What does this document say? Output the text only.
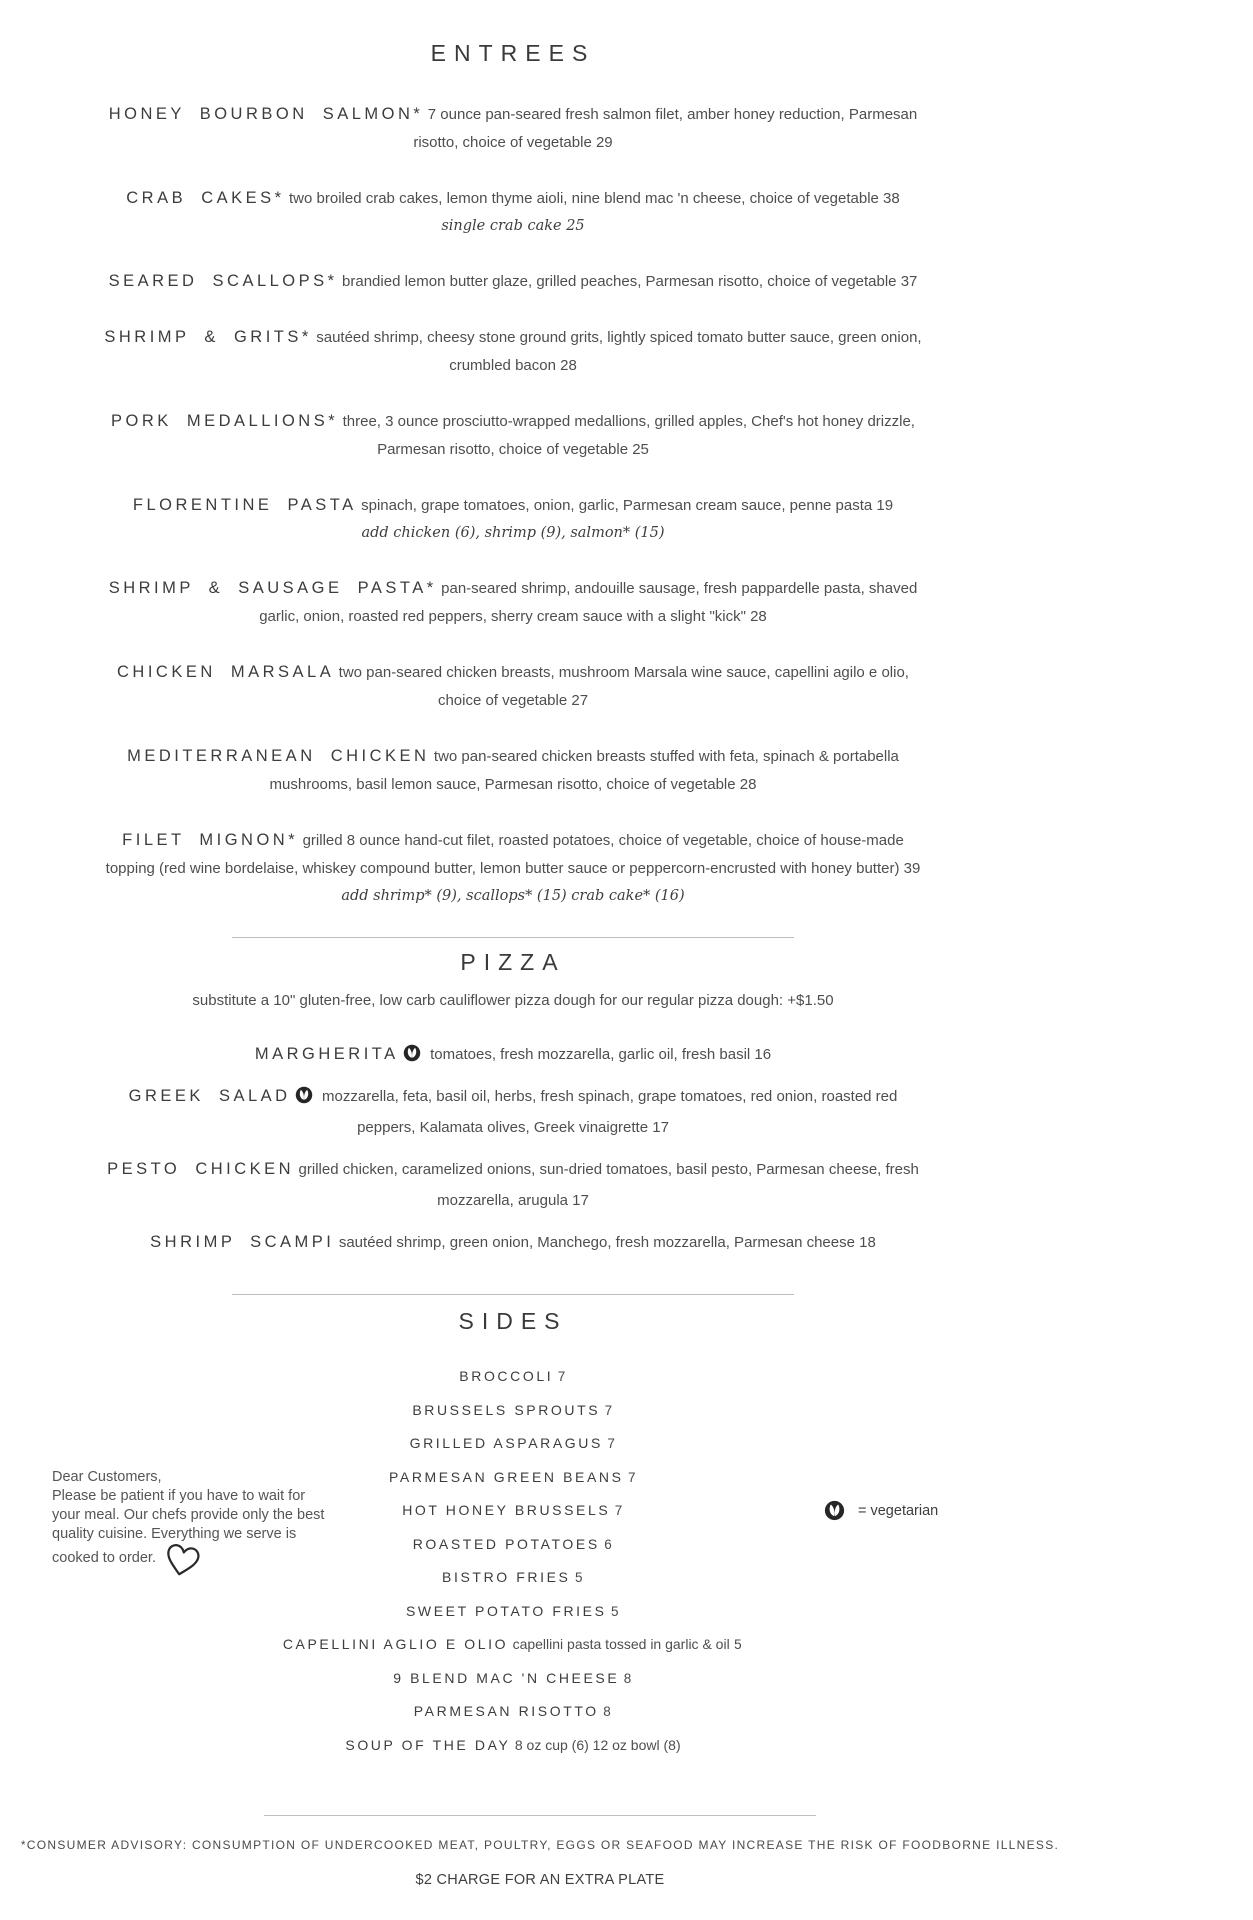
ENTREES
HONEY BOURBON SALMON* 7 ounce pan-seared fresh salmon filet, amber honey reduction, Parmesan risotto, choice of vegetable 29
CRAB CAKES* two broiled crab cakes, lemon thyme aioli, nine blend mac 'n cheese, choice of vegetable 38

single crab cake 25

SEARED SCALLOPS* brandied lemon butter glaze, grilled peaches, Parmesan risotto, choice of vegetable 37
SHRIMP & GRITS* sautéed shrimp, cheesy stone ground grits, lightly spiced tomato butter sauce, green onion, crumbled bacon 28
PORK MEDALLIONS* three, 3 ounce prosciutto-wrapped medallions, grilled apples, Chef's hot honey drizzle, Parmesan risotto, choice of vegetable 25
FLORENTINE PASTA spinach, grape tomatoes, onion, garlic, Parmesan cream sauce, penne pasta 19

add chicken (6), shrimp (9), salmon* (15)

SHRIMP & SAUSAGE PASTA* pan-seared shrimp, andouille sausage, fresh pappardelle pasta, shaved garlic, onion, roasted red peppers, sherry cream sauce with a slight "kick" 28
CHICKEN MARSALA two pan-seared chicken breasts, mushroom Marsala wine sauce, capellini agilo e olio, choice of vegetable 27
MEDITERRANEAN CHICKEN two pan-seared chicken breasts stuffed with feta, spinach & portabella mushrooms, basil lemon sauce, Parmesan risotto, choice of vegetable 28
FILET MIGNON* grilled 8 ounce hand-cut filet, roasted potatoes, choice of vegetable, choice of house-made topping (red wine bordelaise, whiskey compound butter, lemon butter sauce or peppercorn-encrusted with honey butter) 39

add shrimp* (9), scallops* (15) crab cake* (16)

PIZZA

substitute a 10" gluten-free, low carb cauliflower pizza dough for our regular pizza dough: +$1.50

MARGHERITA tomatoes, fresh mozzarella, garlic oil, fresh basil 16
GREEK SALAD mozzarella, feta, basil oil, herbs, fresh spinach, grape tomatoes, red onion, roasted red peppers, Kalamata olives, Greek vinaigrette 17
PESTO CHICKEN grilled chicken, caramelized onions, sun-dried tomatoes, basil pesto, Parmesan cheese, fresh mozzarella, arugula 17
SHRIMP SCAMPI sautéed shrimp, green onion, Manchego, fresh mozzarella, Parmesan cheese 18
SIDES

BROCCOLI 7

BRUSSELS SPROUTS 7

GRILLED ASPARAGUS 7

PARMESAN GREEN BEANS 7

HOT HONEY BRUSSELS 7

ROASTED POTATOES 6

BISTRO FRIES 5

SWEET POTATO FRIES 5

CAPELLINI AGLIO E OLIO capellini pasta tossed in garlic & oil 5

9 BLEND MAC 'N CHEESE 8

PARMESAN RISOTTO 8

SOUP OF THE DAY 8 oz cup (6) 12 oz bowl (8)

Dear Customers,
Please be patient if you have to wait for your meal. Our chefs provide only the best quality cuisine. Everything we serve is cooked to order.
= vegetarian

*CONSUMER ADVISORY: CONSUMPTION OF UNDERCOOKED MEAT, POULTRY, EGGS OR SEAFOOD MAY INCREASE THE RISK OF FOODBORNE ILLNESS.

$2 CHARGE FOR AN EXTRA PLATE
